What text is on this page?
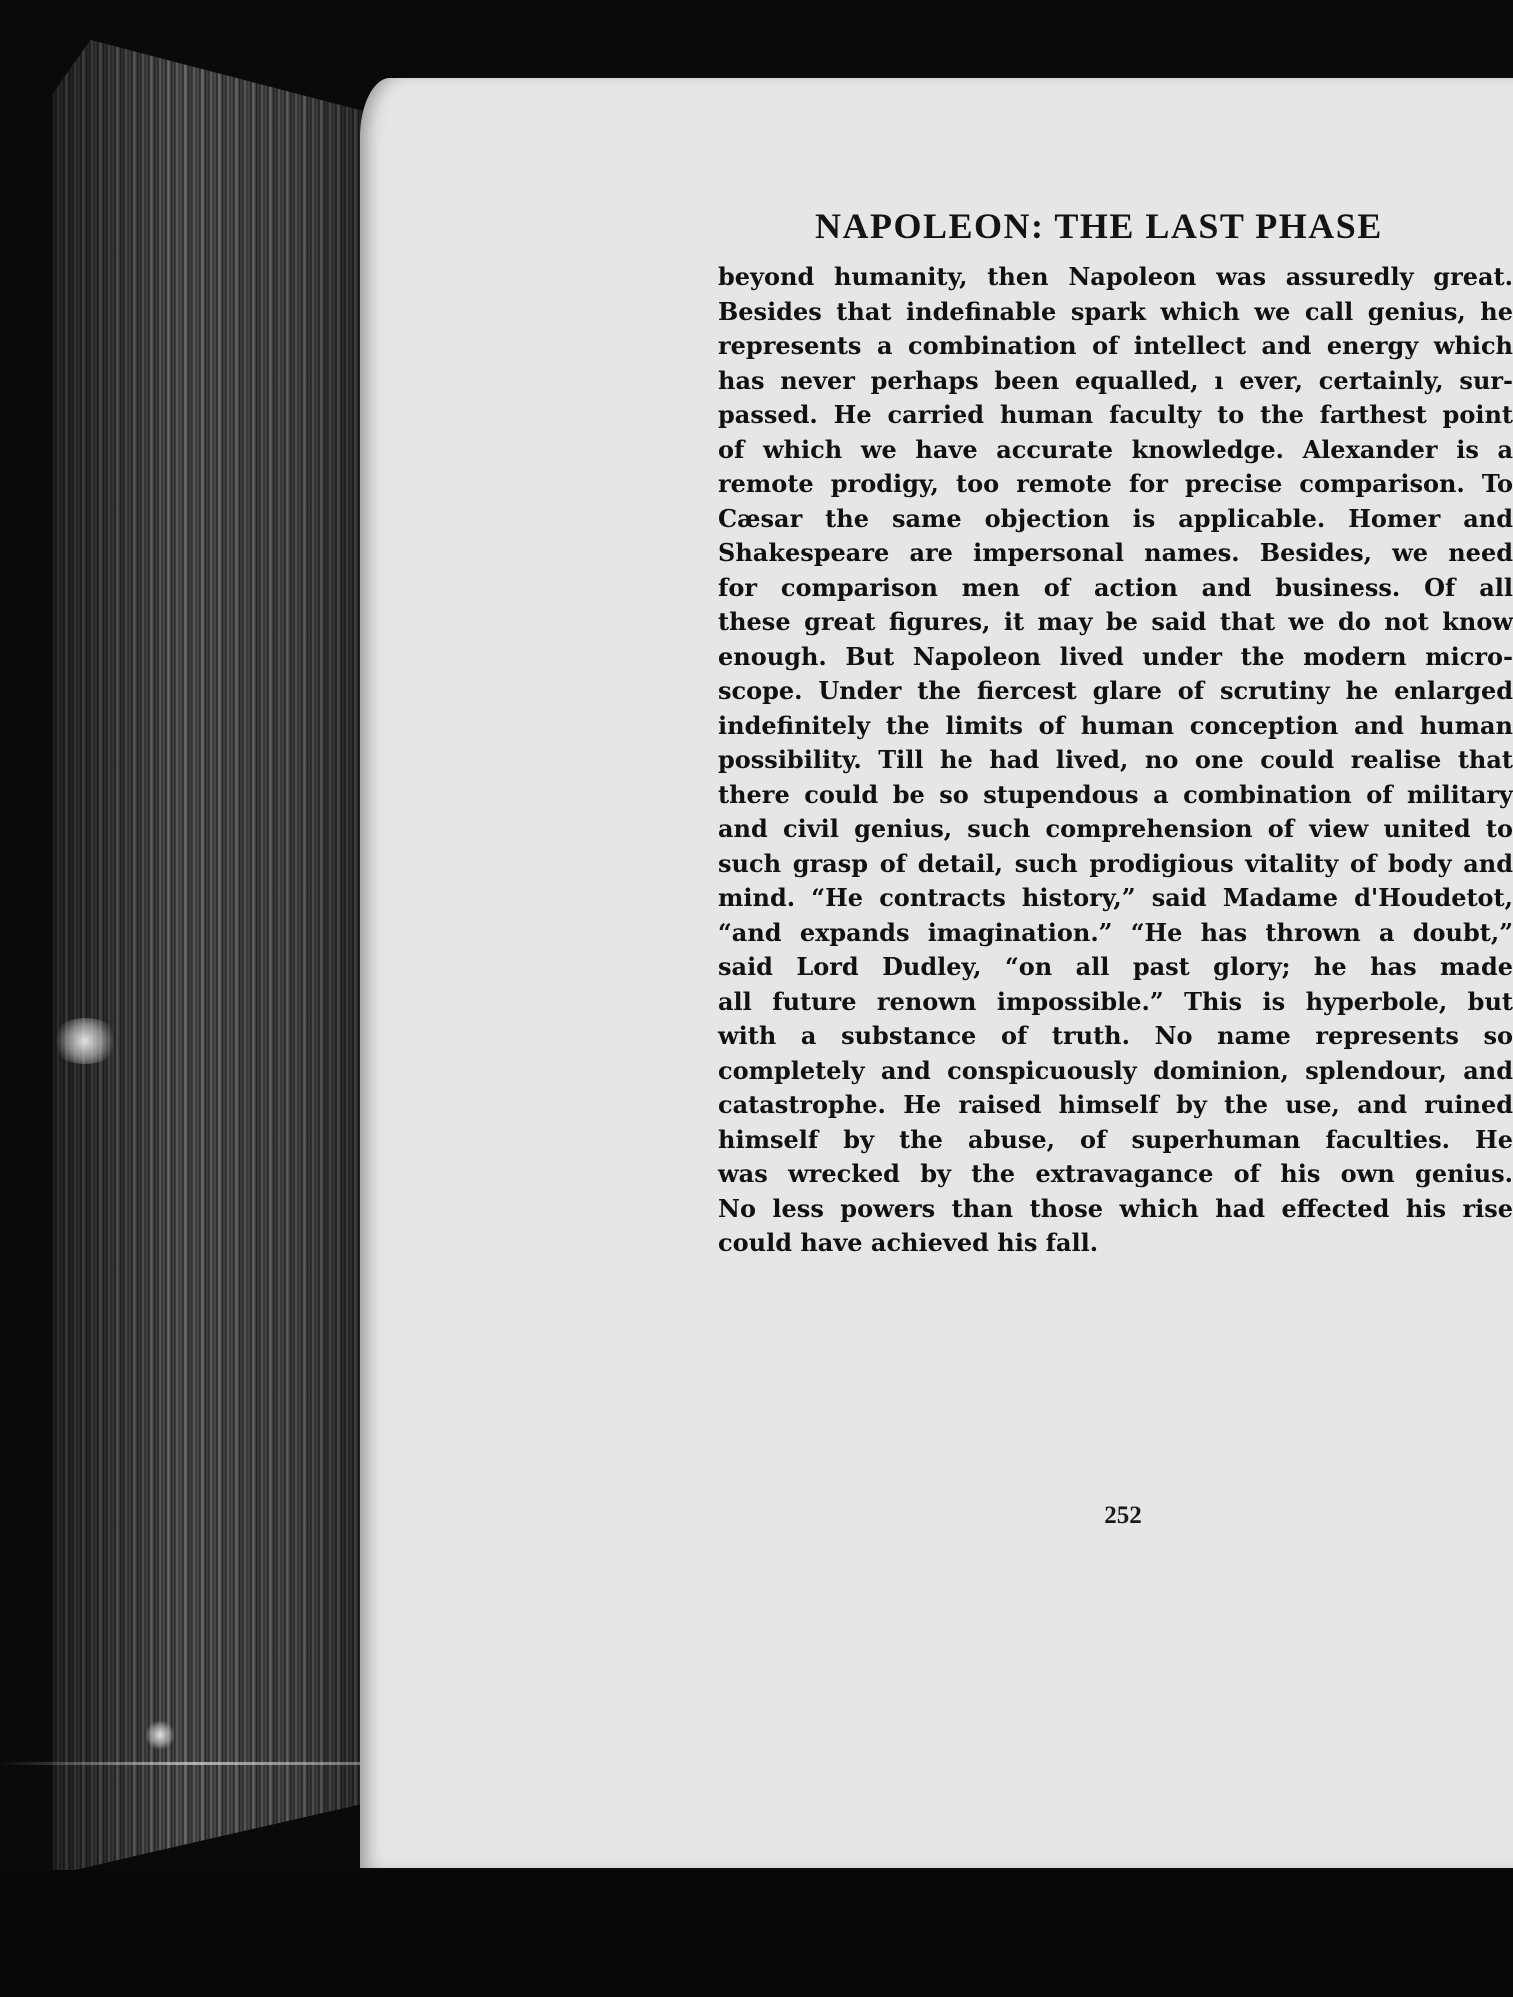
NAPOLEON: THE LAST PHASE
beyond humanity, then Napoleon was assuredly great.
Besides that indefinable spark which we call genius, he
represents a combination of intellect and energy which
has never perhaps been equalled, ı ever, certainly, sur-
passed. He carried human faculty to the farthest point
of which we have accurate knowledge. Alexander is a
remote prodigy, too remote for precise comparison. To
Cæsar the same objection is applicable. Homer and
Shakespeare are impersonal names. Besides, we need
for comparison men of action and business. Of all
these great figures, it may be said that we do not know
enough. But Napoleon lived under the modern micro-
scope. Under the fiercest glare of scrutiny he enlarged
indefinitely the limits of human conception and human
possibility. Till he had lived, no one could realise that
there could be so stupendous a combination of military
and civil genius, such comprehension of view united to
such grasp of detail, such prodigious vitality of body and
mind. “He contracts history,” said Madame d'Houdetot,
“and expands imagination.” “He has thrown a doubt,”
said Lord Dudley, “on all past glory; he has made
all future renown impossible.” This is hyperbole, but
with a substance of truth. No name represents so
completely and conspicuously dominion, splendour, and
catastrophe. He raised himself by the use, and ruined
himself by the abuse, of superhuman faculties. He
was wrecked by the extravagance of his own genius.
No less powers than those which had effected his rise
could have achieved his fall.
252
